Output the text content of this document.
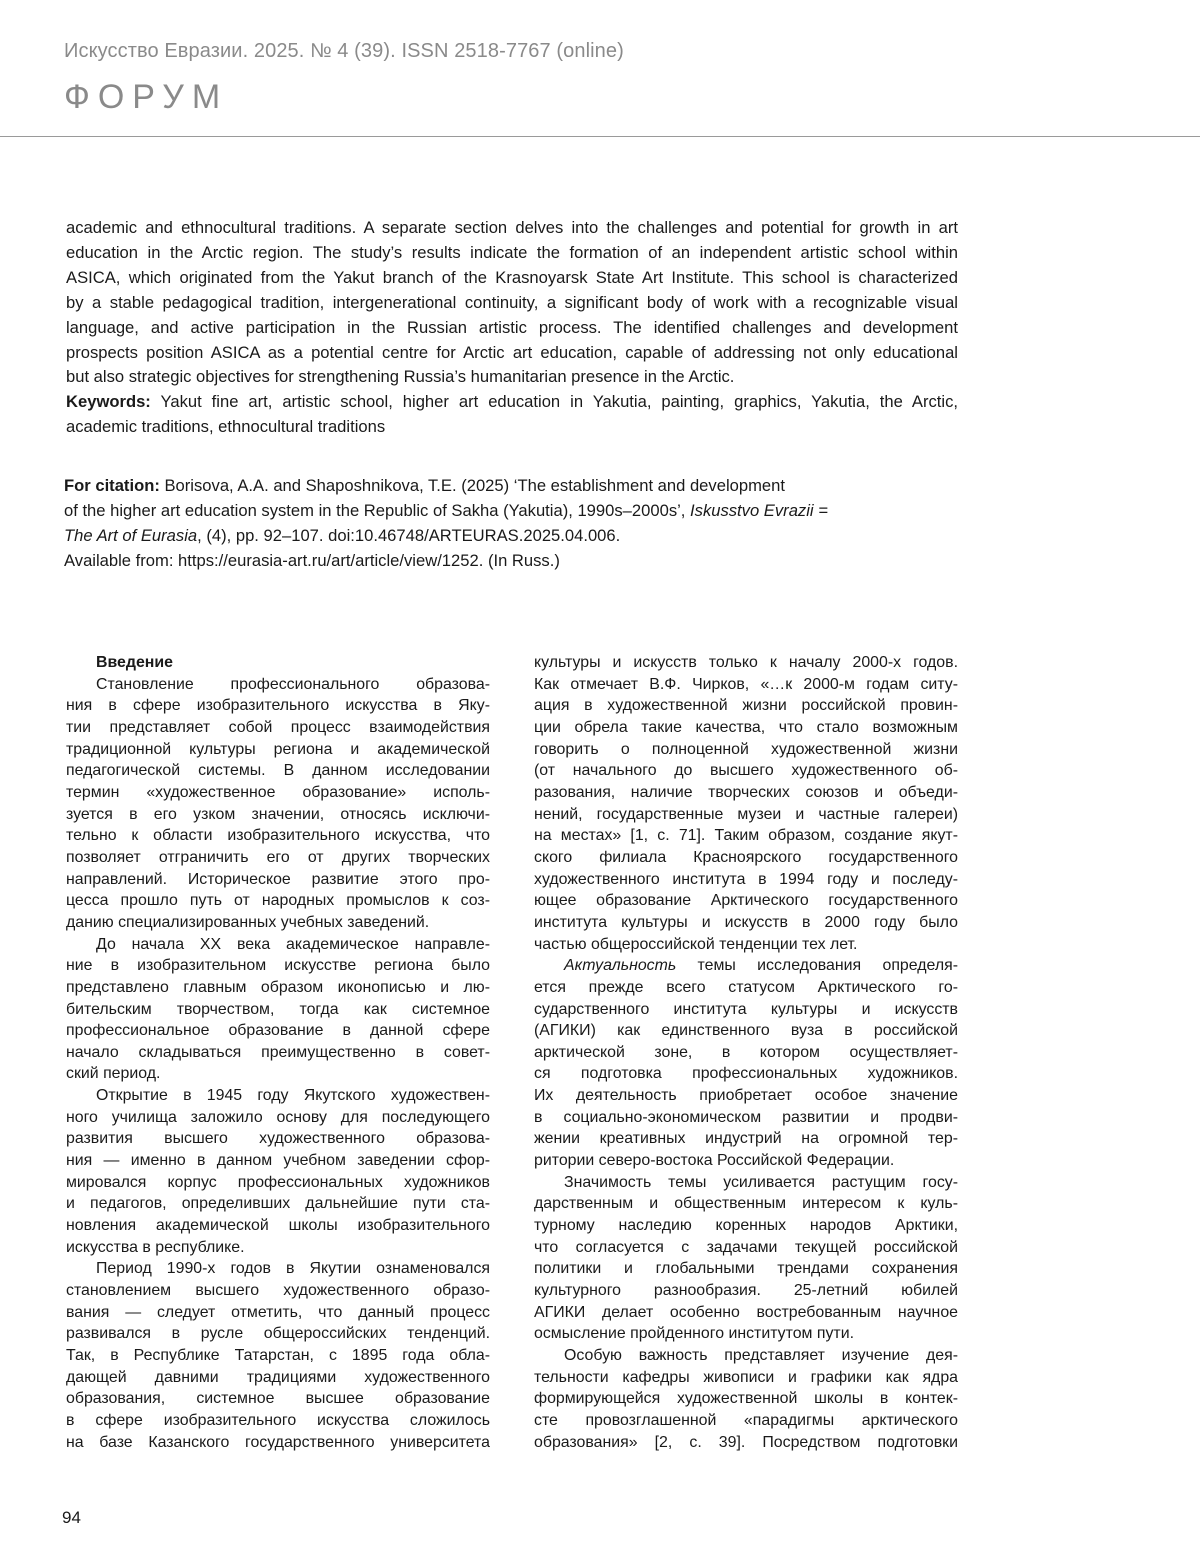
Искусство Евразии. 2025. № 4 (39). ISSN 2518-7767 (online)
ФОРУМ
academic and ethnocultural traditions. A separate section delves into the challenges and potential for growth in art
education in the Arctic region. The study’s results indicate the formation of an independent artistic school within
ASICA, which originated from the Yakut branch of the Krasnoyarsk State Art Institute. This school is characterized
by a stable pedagogical tradition, intergenerational continuity, a significant body of work with a recognizable visual
language, and active participation in the Russian artistic process. The identified challenges and development
prospects position ASICA as a potential centre for Arctic art education, capable of addressing not only educational
but also strategic objectives for strengthening Russia’s humanitarian presence in the Arctic.
Keywords: Yakut fine art, artistic school, higher art education in Yakutia, painting, graphics, Yakutia, the Arctic,
academic traditions, ethnocultural traditions
For citation: Borisova, A.A. and Shaposhnikova, T.E. (2025) ‘The establishment and development
of the higher art education system in the Republic of Sakha (Yakutia), 1990s–2000s’, Iskusstvo Evrazii =
The Art of Eurasia, (4), pp. 92–107. doi:10.46748/ARTEURAS.2025.04.006.
Available from: https://eurasia-art.ru/art/article/view/1252. (In Russ.)
Введение
Становление профессионального образова-
ния в сфере изобразительного искусства в Яку-
тии представляет собой процесс взаимодействия
традиционной культуры региона и академической
педагогической системы. В данном исследовании
термин «художественное образование» исполь-
зуется в его узком значении, относясь исключи-
тельно к области изобразительного искусства, что
позволяет отграничить его от других творческих
направлений. Историческое развитие этого про-
цесса прошло путь от народных промыслов к соз-
данию специализированных учебных заведений.
До начала XX века академическое направле-
ние в изобразительном искусстве региона было
представлено главным образом иконописью и лю-
бительским творчеством, тогда как системное
профессиональное образование в данной сфере
начало складываться преимущественно в совет-
ский период.
Открытие в 1945 году Якутского художествен-
ного училища заложило основу для последующего
развития высшего художественного образова-
ния — именно в данном учебном заведении сфор-
мировался корпус профессиональных художников
и педагогов, определивших дальнейшие пути ста-
новления академической школы изобразительного
искусства в республике.
Период 1990-х годов в Якутии ознаменовался
становлением высшего художественного образо-
вания — следует отметить, что данный процесс
развивался в русле общероссийских тенденций.
Так, в Республике Татарстан, с 1895 года обла-
дающей давними традициями художественного
образования, системное высшее образование
в сфере изобразительного искусства сложилось
на базе Казанского государственного университета
культуры и искусств только к началу 2000-х годов.
Как отмечает В.Ф. Чирков, «…к 2000-м годам ситу-
ация в художественной жизни российской провин-
ции обрела такие качества, что стало возможным
говорить о полноценной художественной жизни
(от начального до высшего художественного об-
разования, наличие творческих союзов и объеди-
нений, государственные музеи и частные галереи)
на местах» [1, с. 71]. Таким образом, создание якут-
ского филиала Красноярского государственного
художественного института в 1994 году и последу-
ющее образование Арктического государственного
института культуры и искусств в 2000 году было
частью общероссийской тенденции тех лет.
Актуальность темы исследования определя-
ется прежде всего статусом Арктического го-
сударственного института культуры и искусств
(АГИКИ) как единственного вуза в российской
арктической зоне, в котором осуществляет-
ся подготовка профессиональных художников.
Их деятельность приобретает особое значение
в социально-экономическом развитии и продви-
жении креативных индустрий на огромной тер-
ритории северо-востока Российской Федерации.
Значимость темы усиливается растущим госу-
дарственным и общественным интересом к куль-
турному наследию коренных народов Арктики,
что согласуется с задачами текущей российской
политики и глобальными трендами сохранения
культурного разнообразия. 25-летний юбилей
АГИКИ делает особенно востребованным научное
осмысление пройденного институтом пути.
Особую важность представляет изучение дея-
тельности кафедры живописи и графики как ядра
формирующейся художественной школы в контек-
сте провозглашенной «парадигмы арктического
образования» [2, с. 39]. Посредством подготовки
94
